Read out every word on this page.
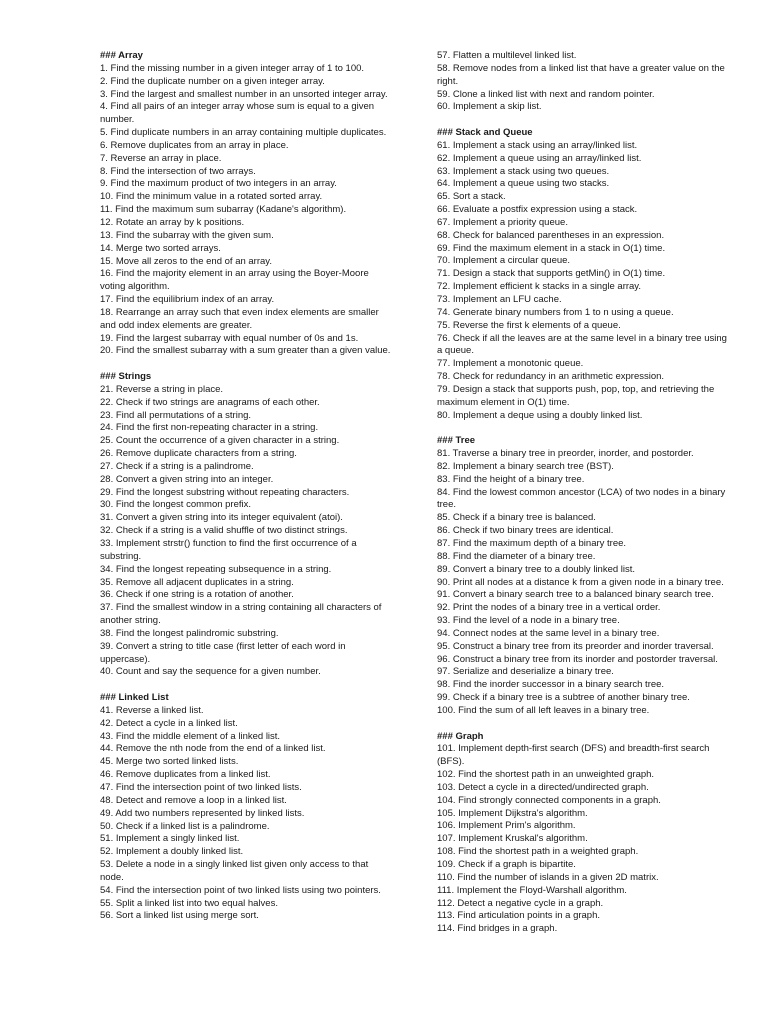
### Array

1. Find the missing number in a given integer array of 1 to 100.

2. Find the duplicate number on a given integer array.

3. Find the largest and smallest number in an unsorted integer array.

4. Find all pairs of an integer array whose sum is equal to a given number.

5. Find duplicate numbers in an array containing multiple duplicates.

6. Remove duplicates from an array in place.

7. Reverse an array in place.

8. Find the intersection of two arrays.

9. Find the maximum product of two integers in an array.

10. Find the minimum value in a rotated sorted array.

11. Find the maximum sum subarray (Kadane's algorithm).

12. Rotate an array by k positions.

13. Find the subarray with the given sum.

14. Merge two sorted arrays.

15. Move all zeros to the end of an array.

16. Find the majority element in an array using the Boyer-Moore voting algorithm.

17. Find the equilibrium index of an array.

18. Rearrange an array such that even index elements are smaller and odd index elements are greater.

19. Find the largest subarray with equal number of 0s and 1s.

20. Find the smallest subarray with a sum greater than a given value.

### Strings

21. Reverse a string in place.

22. Check if two strings are anagrams of each other.

23. Find all permutations of a string.

24. Find the first non-repeating character in a string.

25. Count the occurrence of a given character in a string.

26. Remove duplicate characters from a string.

27. Check if a string is a palindrome.

28. Convert a given string into an integer.

29. Find the longest substring without repeating characters.

30. Find the longest common prefix.

31. Convert a given string into its integer equivalent (atoi).

32. Check if a string is a valid shuffle of two distinct strings.

33. Implement strstr() function to find the first occurrence of a substring.

34. Find the longest repeating subsequence in a string.

35. Remove all adjacent duplicates in a string.

36. Check if one string is a rotation of another.

37. Find the smallest window in a string containing all characters of another string.

38. Find the longest palindromic substring.

39. Convert a string to title case (first letter of each word in uppercase).

40. Count and say the sequence for a given number.

### Linked List

41. Reverse a linked list.

42. Detect a cycle in a linked list.

43. Find the middle element of a linked list.

44. Remove the nth node from the end of a linked list.

45. Merge two sorted linked lists.

46. Remove duplicates from a linked list.

47. Find the intersection point of two linked lists.

48. Detect and remove a loop in a linked list.

49. Add two numbers represented by linked lists.

50. Check if a linked list is a palindrome.

51. Implement a singly linked list.

52. Implement a doubly linked list.

53. Delete a node in a singly linked list given only access to that node.

54. Find the intersection point of two linked lists using two pointers.

55. Split a linked list into two equal halves.

56. Sort a linked list using merge sort.

57. Flatten a multilevel linked list.

58. Remove nodes from a linked list that have a greater value on the right.

59. Clone a linked list with next and random pointer.

60. Implement a skip list.

### Stack and Queue

61. Implement a stack using an array/linked list.

62. Implement a queue using an array/linked list.

63. Implement a stack using two queues.

64. Implement a queue using two stacks.

65. Sort a stack.

66. Evaluate a postfix expression using a stack.

67. Implement a priority queue.

68. Check for balanced parentheses in an expression.

69. Find the maximum element in a stack in O(1) time.

70. Implement a circular queue.

71. Design a stack that supports getMin() in O(1) time.

72. Implement efficient k stacks in a single array.

73. Implement an LFU cache.

74. Generate binary numbers from 1 to n using a queue.

75. Reverse the first k elements of a queue.

76. Check if all the leaves are at the same level in a binary tree using a queue.

77. Implement a monotonic queue.

78. Check for redundancy in an arithmetic expression.

79. Design a stack that supports push, pop, top, and retrieving the maximum element in O(1) time.

80. Implement a deque using a doubly linked list.

### Tree

81. Traverse a binary tree in preorder, inorder, and postorder.

82. Implement a binary search tree (BST).

83. Find the height of a binary tree.

84. Find the lowest common ancestor (LCA) of two nodes in a binary tree.

85. Check if a binary tree is balanced.

86. Check if two binary trees are identical.

87. Find the maximum depth of a binary tree.

88. Find the diameter of a binary tree.

89. Convert a binary tree to a doubly linked list.

90. Print all nodes at a distance k from a given node in a binary tree.

91. Convert a binary search tree to a balanced binary search tree.

92. Print the nodes of a binary tree in a vertical order.

93. Find the level of a node in a binary tree.

94. Connect nodes at the same level in a binary tree.

95. Construct a binary tree from its preorder and inorder traversal.

96. Construct a binary tree from its inorder and postorder traversal.

97. Serialize and deserialize a binary tree.

98. Find the inorder successor in a binary search tree.

99. Check if a binary tree is a subtree of another binary tree.

100. Find the sum of all left leaves in a binary tree.

### Graph

101. Implement depth-first search (DFS) and breadth-first search (BFS).

102. Find the shortest path in an unweighted graph.

103. Detect a cycle in a directed/undirected graph.

104. Find strongly connected components in a graph.

105. Implement Dijkstra's algorithm.

106. Implement Prim's algorithm.

107. Implement Kruskal's algorithm.

108. Find the shortest path in a weighted graph.

109. Check if a graph is bipartite.

110. Find the number of islands in a given 2D matrix.

111. Implement the Floyd-Warshall algorithm.

112. Detect a negative cycle in a graph.

113. Find articulation points in a graph.

114. Find bridges in a graph.
